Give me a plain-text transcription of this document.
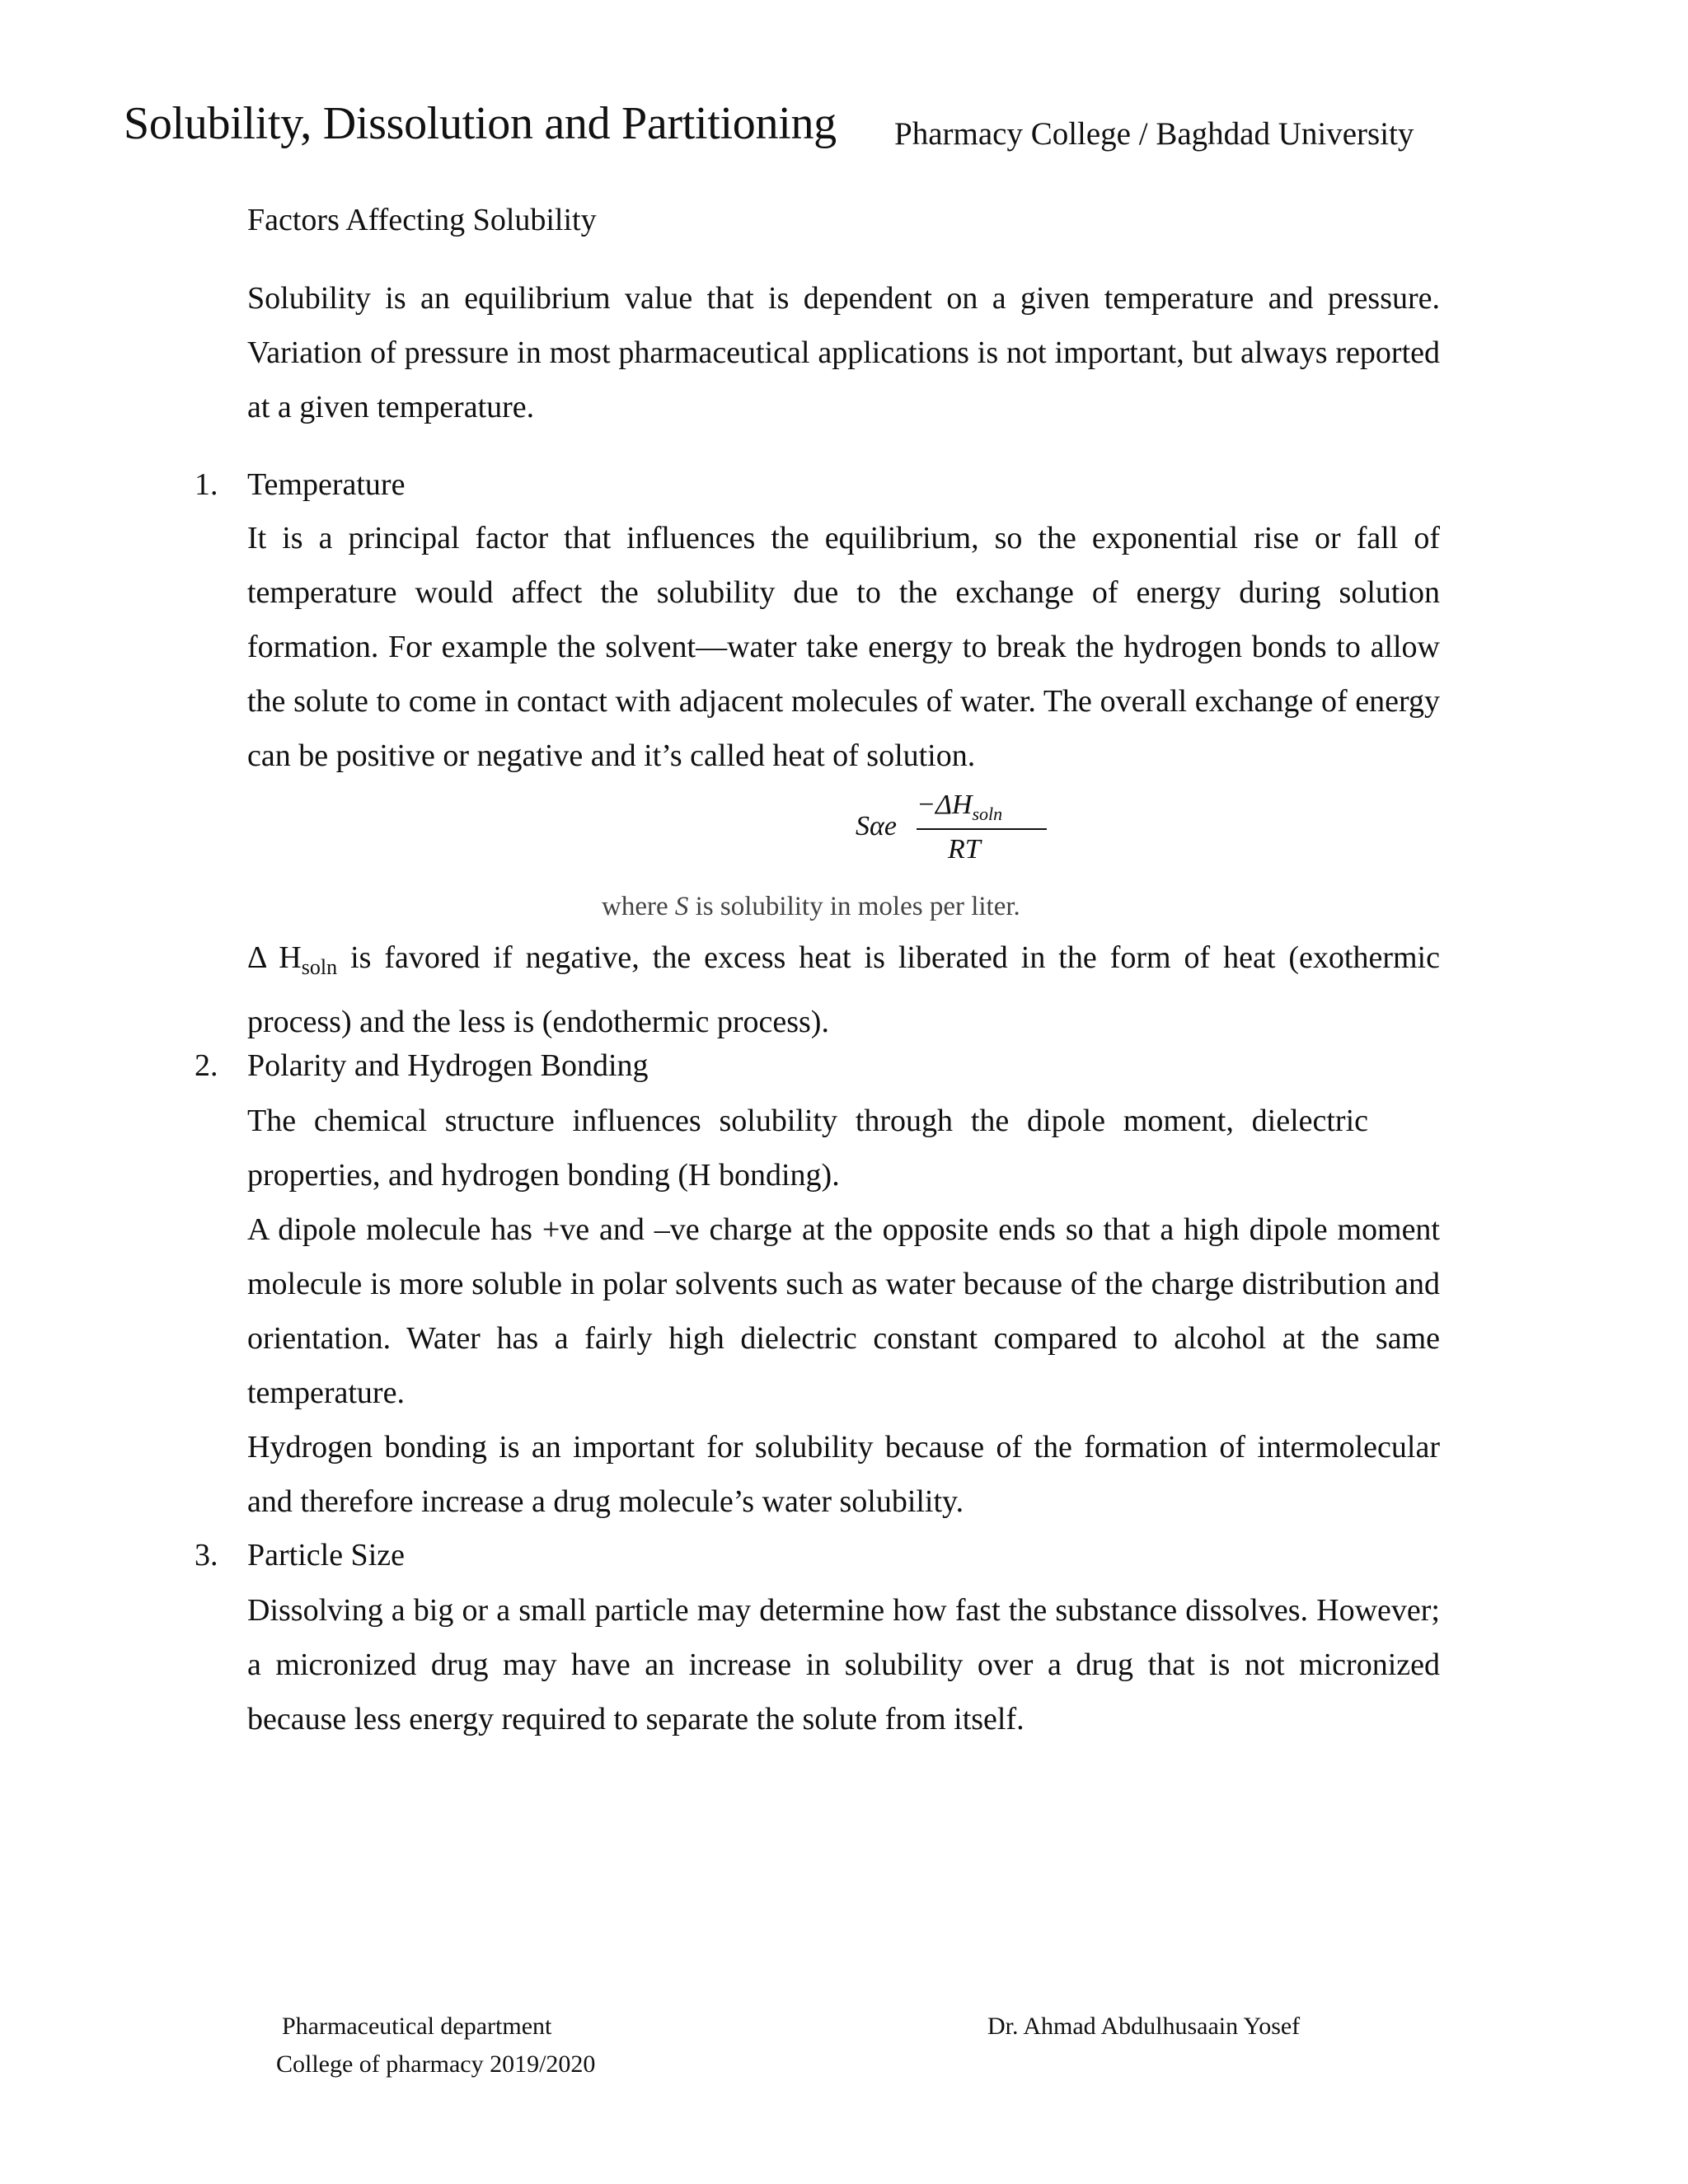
Solubility, Dissolution and Partitioning Pharmacy College / Baghdad University
Factors Affecting Solubility
Solubility is an equilibrium value that is dependent on a given temperature and pressure. Variation of pressure in most pharmaceutical applications is not important, but always reported at a given temperature.
1. Temperature
It is a principal factor that influences the equilibrium, so the exponential rise or fall of temperature would affect the solubility due to the exchange of energy during solution formation. For example the solvent—water take energy to break the hydrogen bonds to allow the solute to come in contact with adjacent molecules of water. The overall exchange of energy can be positive or negative and it’s called heat of solution.
Sαe
$-\Delta H_{soln}$
RT
where S is solubility in moles per liter.
Δ $H_{soln}$ is favored if negative, the excess heat is liberated in the form of heat (exothermic process) and the less is (endothermic process).
2. Polarity and Hydrogen Bonding
The chemical structure influences solubility through the dipole moment, dielectric properties, and hydrogen bonding (H bonding).
A dipole molecule has +ve and –ve charge at the opposite ends so that a high dipole moment molecule is more soluble in polar solvents such as water because of the charge distribution and orientation. Water has a fairly high dielectric constant compared to alcohol at the same temperature.
Hydrogen bonding is an important for solubility because of the formation of intermolecular and therefore increase a drug molecule’s water solubility.
3. Particle Size
Dissolving a big or a small particle may determine how fast the substance dissolves. However; a micronized drug may have an increase in solubility over a drug that is not micronized because less energy required to separate the solute from itself.
Pharmaceutical department
College of pharmacy 2019/2020
Dr. Ahmad Abdulhusaain Yosef
